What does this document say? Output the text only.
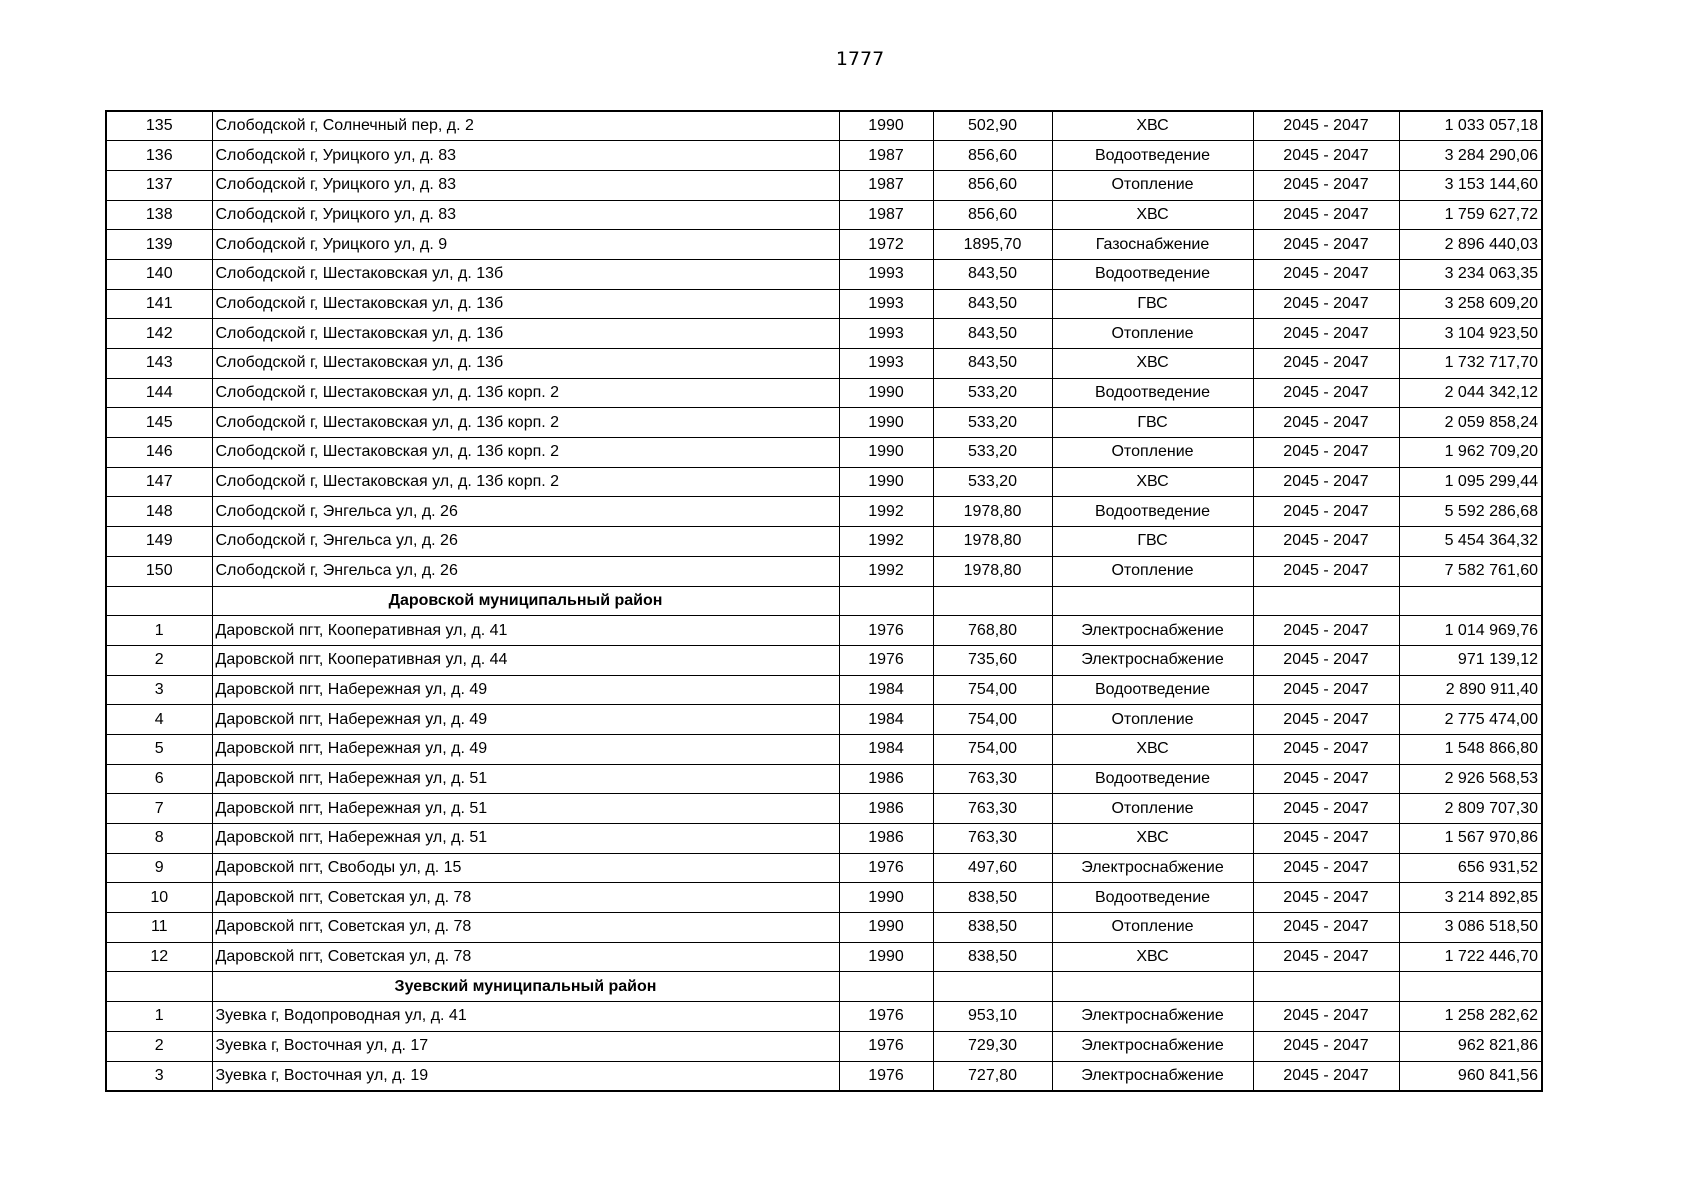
1777
135	Слободской г, Солнечный пер, д. 2	1990	502,90	ХВС	2045 - 2047	1 033 057,18
136	Слободской г, Урицкого ул, д. 83	1987	856,60	Водоотведение	2045 - 2047	3 284 290,06
137	Слободской г, Урицкого ул, д. 83	1987	856,60	Отопление	2045 - 2047	3 153 144,60
138	Слободской г, Урицкого ул, д. 83	1987	856,60	ХВС	2045 - 2047	1 759 627,72
139	Слободской г, Урицкого ул, д. 9	1972	1895,70	Газоснабжение	2045 - 2047	2 896 440,03
140	Слободской г, Шестаковская ул, д. 13б	1993	843,50	Водоотведение	2045 - 2047	3 234 063,35
141	Слободской г, Шестаковская ул, д. 13б	1993	843,50	ГВС	2045 - 2047	3 258 609,20
142	Слободской г, Шестаковская ул, д. 13б	1993	843,50	Отопление	2045 - 2047	3 104 923,50
143	Слободской г, Шестаковская ул, д. 13б	1993	843,50	ХВС	2045 - 2047	1 732 717,70
144	Слободской г, Шестаковская ул, д. 13б корп. 2	1990	533,20	Водоотведение	2045 - 2047	2 044 342,12
145	Слободской г, Шестаковская ул, д. 13б корп. 2	1990	533,20	ГВС	2045 - 2047	2 059 858,24
146	Слободской г, Шестаковская ул, д. 13б корп. 2	1990	533,20	Отопление	2045 - 2047	1 962 709,20
147	Слободской г, Шестаковская ул, д. 13б корп. 2	1990	533,20	ХВС	2045 - 2047	1 095 299,44
148	Слободской г, Энгельса ул, д. 26	1992	1978,80	Водоотведение	2045 - 2047	5 592 286,68
149	Слободской г, Энгельса ул, д. 26	1992	1978,80	ГВС	2045 - 2047	5 454 364,32
150	Слободской г, Энгельса ул, д. 26	1992	1978,80	Отопление	2045 - 2047	7 582 761,60
	Даровской муниципальный район					
1	Даровской пгт, Кооперативная ул, д. 41	1976	768,80	Электроснабжение	2045 - 2047	1 014 969,76
2	Даровской пгт, Кооперативная ул, д. 44	1976	735,60	Электроснабжение	2045 - 2047	971 139,12
3	Даровской пгт, Набережная ул, д. 49	1984	754,00	Водоотведение	2045 - 2047	2 890 911,40
4	Даровской пгт, Набережная ул, д. 49	1984	754,00	Отопление	2045 - 2047	2 775 474,00
5	Даровской пгт, Набережная ул, д. 49	1984	754,00	ХВС	2045 - 2047	1 548 866,80
6	Даровской пгт, Набережная ул, д. 51	1986	763,30	Водоотведение	2045 - 2047	2 926 568,53
7	Даровской пгт, Набережная ул, д. 51	1986	763,30	Отопление	2045 - 2047	2 809 707,30
8	Даровской пгт, Набережная ул, д. 51	1986	763,30	ХВС	2045 - 2047	1 567 970,86
9	Даровской пгт, Свободы ул, д. 15	1976	497,60	Электроснабжение	2045 - 2047	656 931,52
10	Даровской пгт, Советская ул, д. 78	1990	838,50	Водоотведение	2045 - 2047	3 214 892,85
11	Даровской пгт, Советская ул, д. 78	1990	838,50	Отопление	2045 - 2047	3 086 518,50
12	Даровской пгт, Советская ул, д. 78	1990	838,50	ХВС	2045 - 2047	1 722 446,70
	Зуевский муниципальный район					
1	Зуевка г, Водопроводная ул, д. 41	1976	953,10	Электроснабжение	2045 - 2047	1 258 282,62
2	Зуевка г, Восточная ул, д. 17	1976	729,30	Электроснабжение	2045 - 2047	962 821,86
3	Зуевка г, Восточная ул, д. 19	1976	727,80	Электроснабжение	2045 - 2047	960 841,56
